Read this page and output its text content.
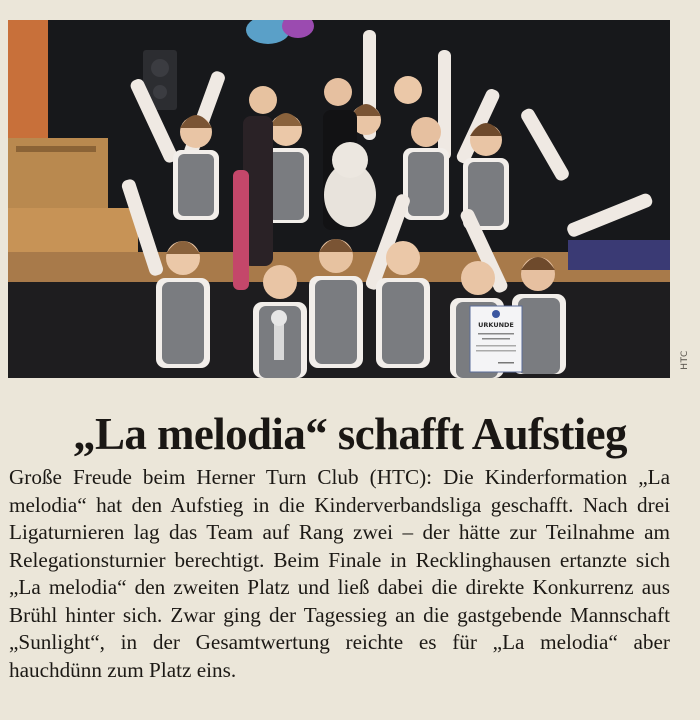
URKUNDE
HTC
„La melodia“ schafft Aufstieg

Große Freude beim Herner Turn Club (HTC): Die Kinderformation „La melodia“ hat den Aufstieg in die Kinderverbandsliga geschafft. Nach drei Ligaturnieren lag das Team auf Rang zwei – der hätte zur Teilnahme am Relegationsturnier berechtigt. Beim Finale in Recklinghausen ertanzte sich „La melodia“ den zweiten Platz und ließ dabei die direkte Konkurrenz aus Brühl hinter sich. Zwar ging der Tagessieg an die gastgebende Mannschaft „Sunlight“, in der Gesamtwertung reichte es für „La melodia“ aber hauchdünn zum Platz eins.
